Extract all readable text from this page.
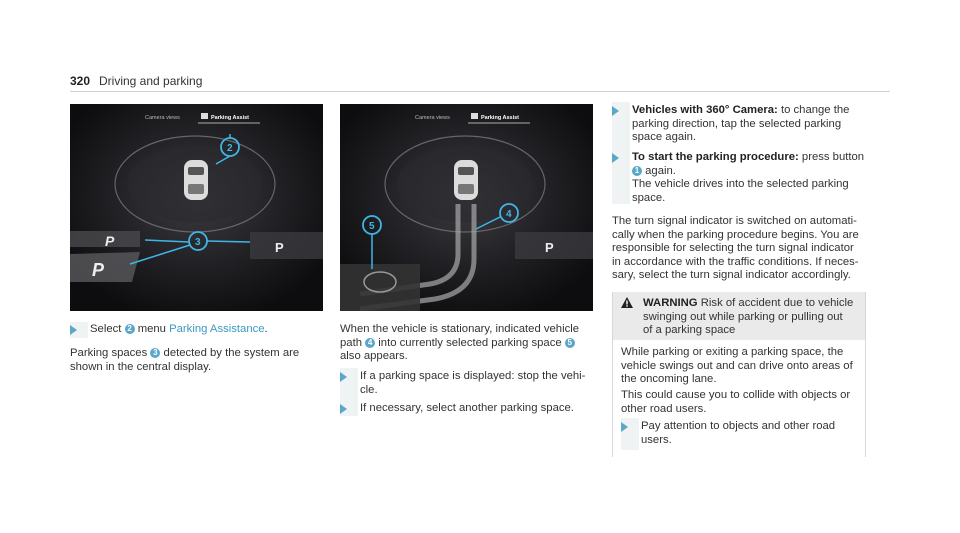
320 Driving and parking
Camera views	Parking Assist
P
P
P
2
3
Camera views	Parking Assist
P
5
4
Select 2 menu Parking Assistance.
Parking spaces 3 detected by the system are
shown in the central display.
When the vehicle is stationary, indicated vehicle
path 4 into currently selected parking space 5
also appears.
If a parking space is displayed: stop the vehi-
cle.
If necessary, select another parking space.
Vehicles with 360° Camera: to change the
parking direction, tap the selected parking
space again.
To start the parking procedure: press button
1 again.
The vehicle drives into the selected parking
space.
The turn signal indicator is switched on automati-
cally when the parking procedure begins. You are
responsible for selecting the turn signal indicator
in accordance with the traffic conditions. If neces-
sary, select the turn signal indicator accordingly.
WARNING Risk of accident due to vehicle
swinging out while parking or pulling out
of a parking space
While parking or exiting a parking space, the
vehicle swings out and can drive onto areas of
the oncoming lane.
This could cause you to collide with objects or
other road users.
Pay attention to objects and other road
users.
